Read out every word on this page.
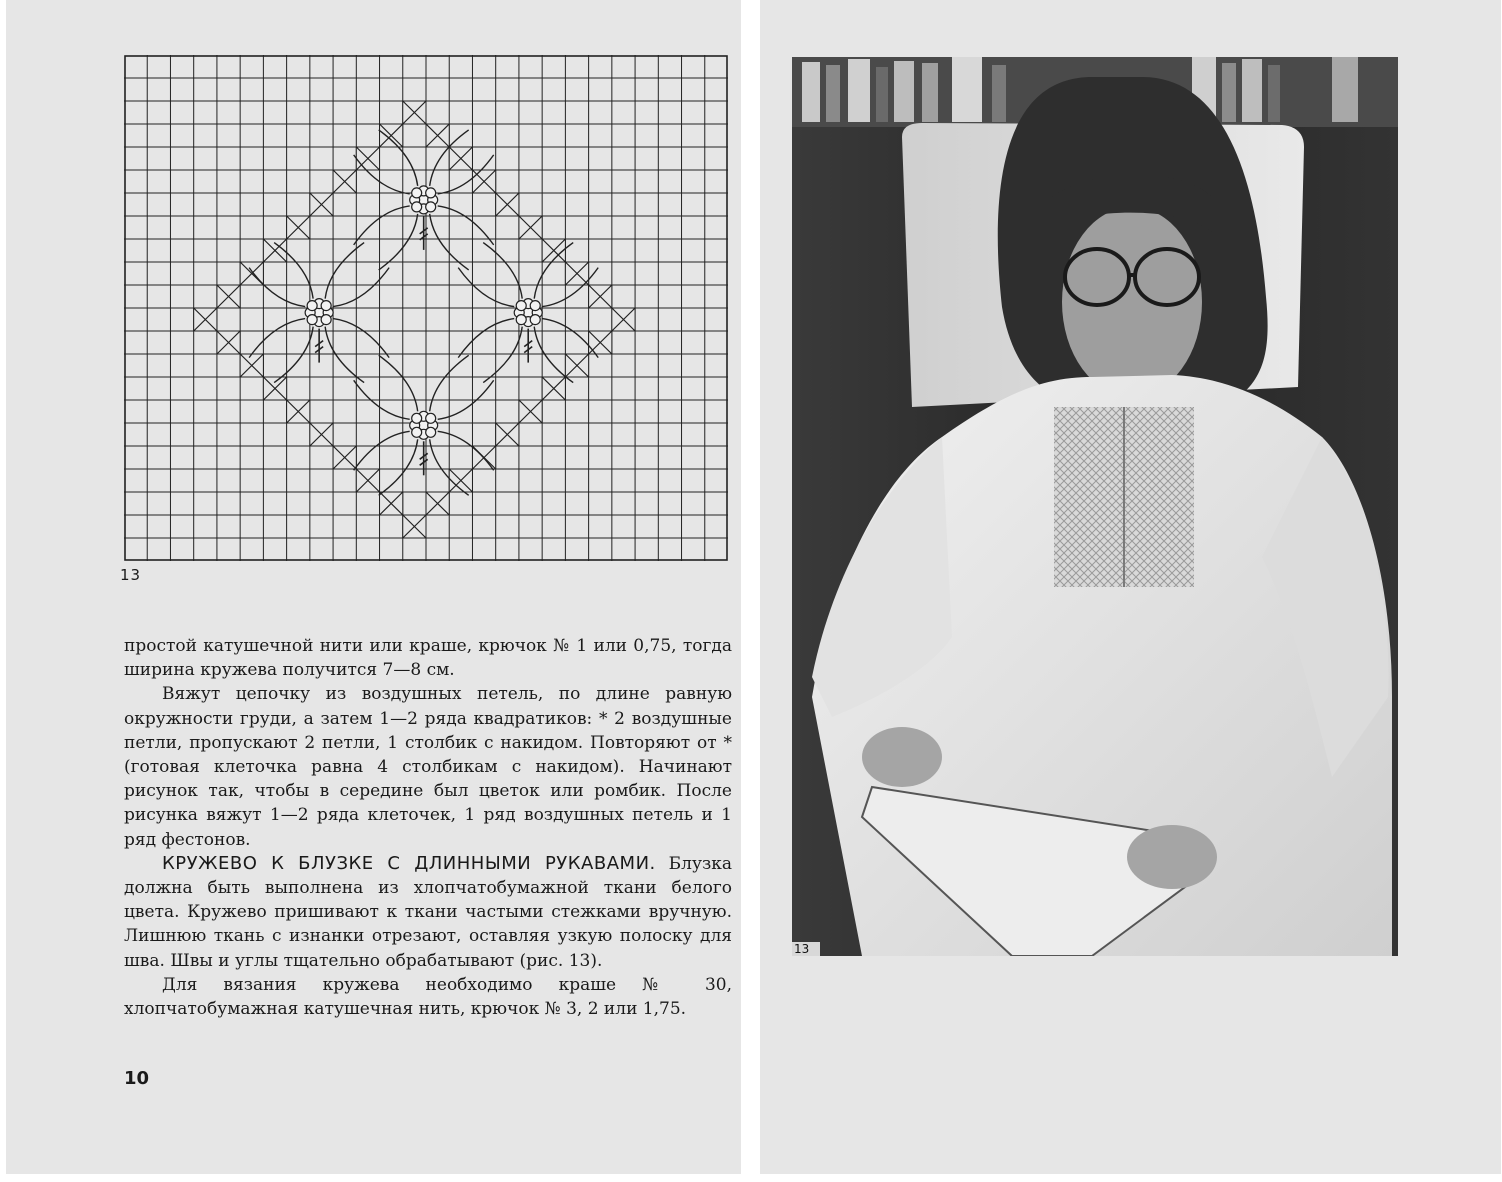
13

простой катушечной нити или краше, крючок № 1 или 0,75, тогда ширина кружева получится 7—8 см.

Вяжут цепочку из воздушных петель, по длине равную окружности груди, а затем 1—2 ряда квадратиков: * 2 воздушные петли, пропускают 2 петли, 1 столбик с накидом. Повторяют от * (готовая клеточка равна 4 столбикам с накидом). Начинают рисунок так, чтобы в середине был цветок или ромбик. После рисунка вяжут 1—2 ряда клеточек, 1 ряд воздушных петель и 1 ряд фестонов.

КРУЖЕВО К БЛУЗКЕ С ДЛИННЫМИ РУКАВАМИ. Блузка должна быть выполнена из хлопчатобумажной ткани белого цвета. Кружево пришивают к ткани частыми стежками вручную. Лишнюю ткань с изнанки отрезают, оставляя узкую полоску для шва. Швы и углы тщательно обрабатывают (рис. 13).

Для вязания кружева необходимо краше № 30, хлопчатобумажная катушечная нить, крючок № 3, 2 или 1,75.

10
13
